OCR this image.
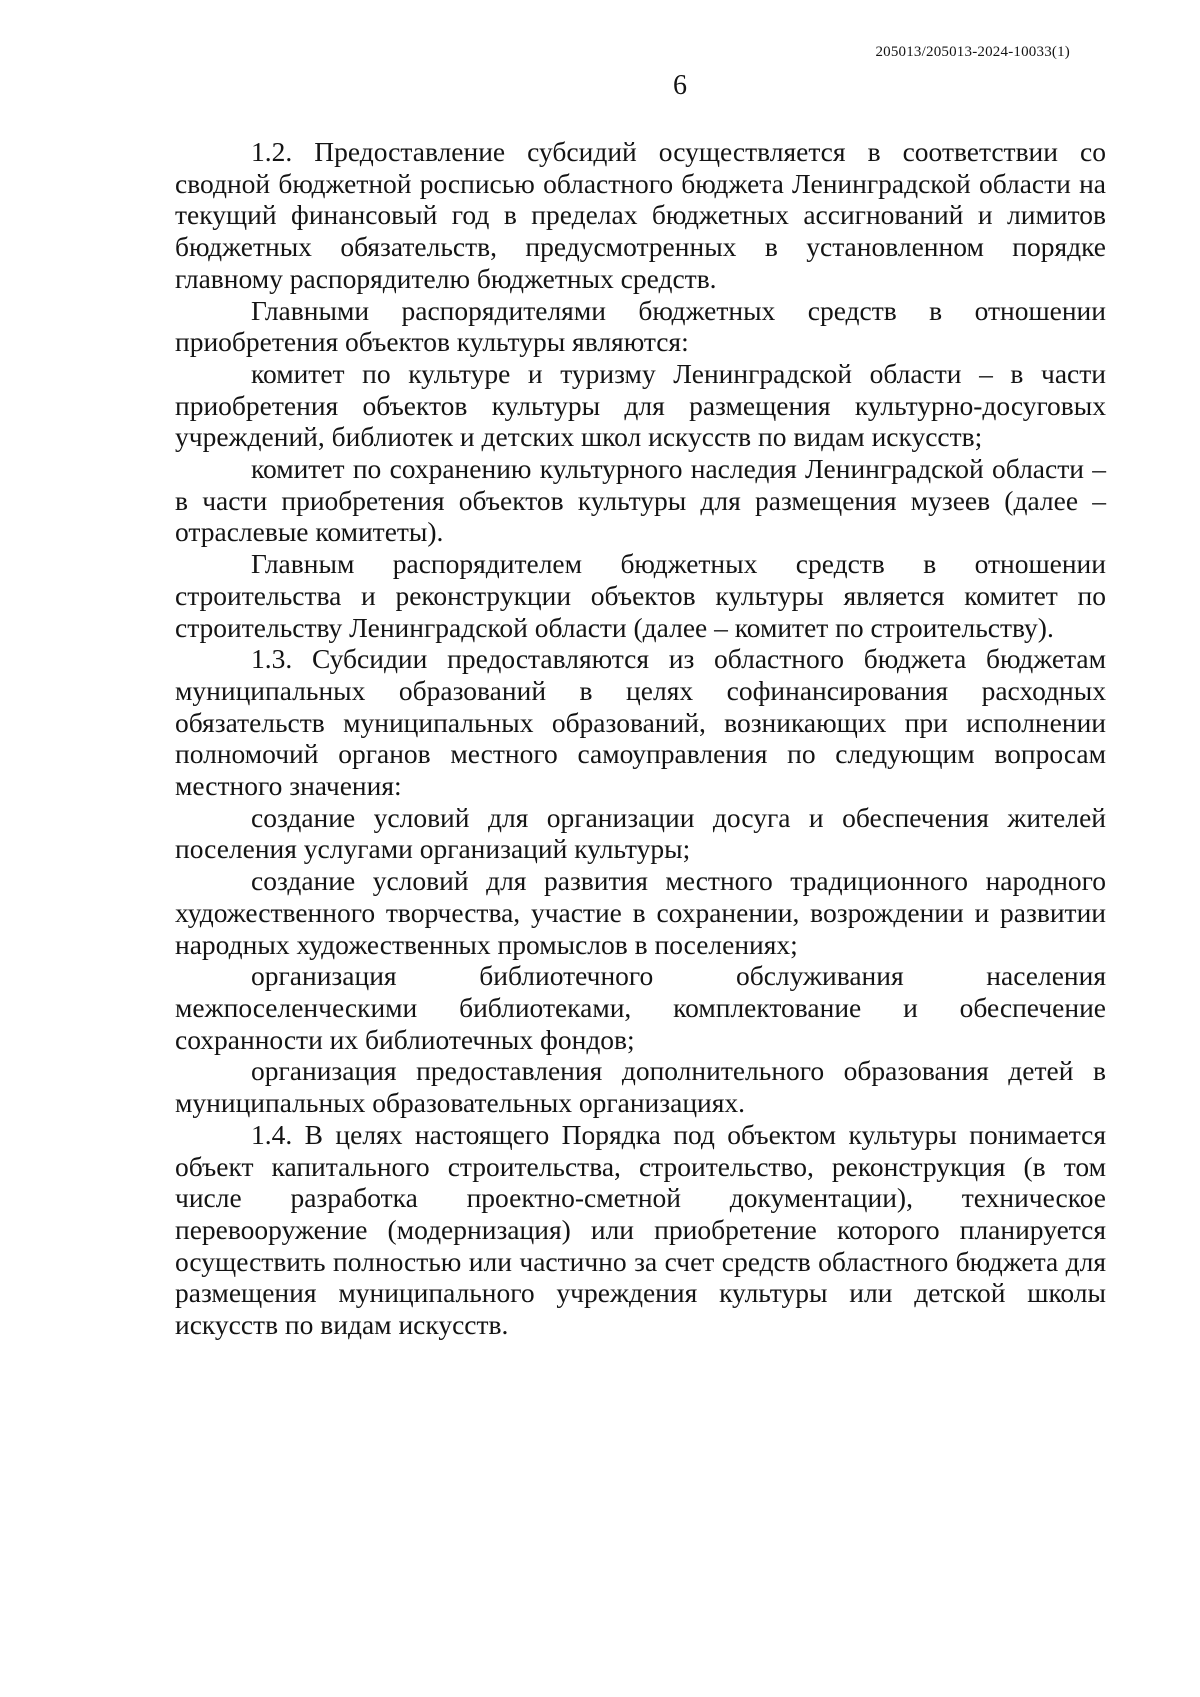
205013/205013-2024-10033(1)
6

1.2. Предоставление субсидий осуществляется в соответствии со сводной бюджетной росписью областного бюджета Ленинградской области на текущий финансовый год в пределах бюджетных ассигнований и лимитов бюджетных обязательств, предусмотренных в установленном порядке главному распорядителю бюджетных средств.

Главными распорядителями бюджетных средств в отношении приобретения объектов культуры являются:

комитет по культуре и туризму Ленинградской области – в части приобретения объектов культуры для размещения культурно-досуговых учреждений, библиотек и детских школ искусств по видам искусств;

комитет по сохранению культурного наследия Ленинградской области – в части приобретения объектов культуры для размещения музеев (далее – отраслевые комитеты).

Главным распорядителем бюджетных средств в отношении строительства и реконструкции объектов культуры является комитет по строительству Ленинградской области (далее – комитет по строительству).

1.3. Субсидии предоставляются из областного бюджета бюджетам муниципальных образований в целях софинансирования расходных обязательств муниципальных образований, возникающих при исполнении полномочий органов местного самоуправления по следующим вопросам местного значения:

создание условий для организации досуга и обеспечения жителей поселения услугами организаций культуры;

создание условий для развития местного традиционного народного художественного творчества, участие в сохранении, возрождении и развитии народных художественных промыслов в поселениях;

организация библиотечного обслуживания населения межпоселенческими библиотеками, комплектование и обеспечение сохранности их библиотечных фондов;

организация предоставления дополнительного образования детей в муниципальных образовательных организациях.

1.4. В целях настоящего Порядка под объектом культуры понимается объект капитального строительства, строительство, реконструкция (в том числе разработка проектно-сметной документации), техническое перевооружение (модернизация) или приобретение которого планируется осуществить полностью или частично за счет средств областного бюджета для размещения муниципального учреждения культуры или детской школы искусств по видам искусств.
